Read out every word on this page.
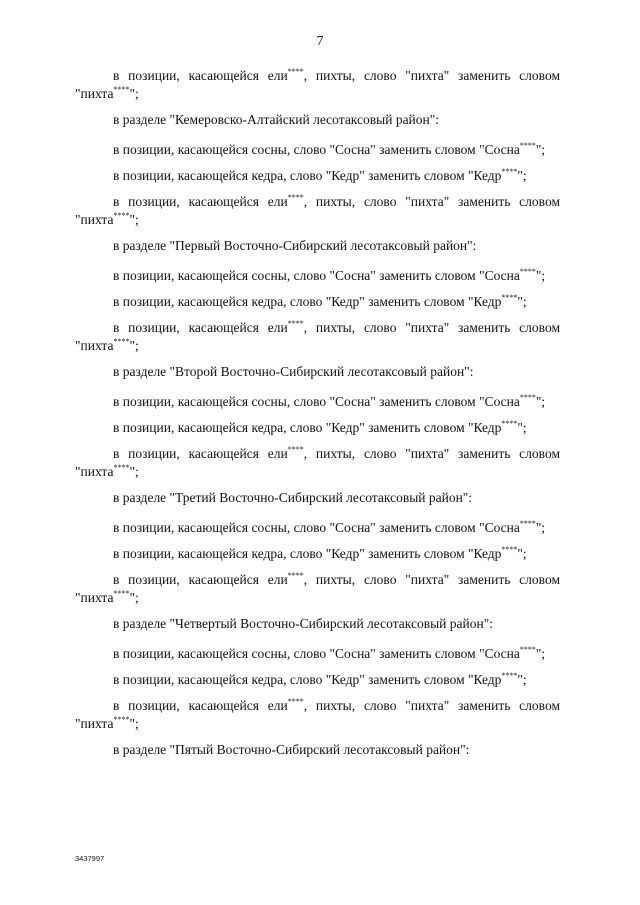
7

в позиции, касающейся ели****, пихты, слово "пихта" заменить словом "пихта****";

в разделе "Кемеровско-Алтайский лесотаксовый район":

в позиции, касающейся сосны, слово "Сосна" заменить словом "Сосна****";

в позиции, касающейся кедра, слово "Кедр" заменить словом "Кедр****";

в позиции, касающейся ели****, пихты, слово "пихта" заменить словом "пихта****";

в разделе "Первый Восточно-Сибирский лесотаксовый район":

в позиции, касающейся сосны, слово "Сосна" заменить словом "Сосна****";

в позиции, касающейся кедра, слово "Кедр" заменить словом "Кедр****";

в позиции, касающейся ели****, пихты, слово "пихта" заменить словом "пихта****";

в разделе "Второй Восточно-Сибирский лесотаксовый район":

в позиции, касающейся сосны, слово "Сосна" заменить словом "Сосна****";

в позиции, касающейся кедра, слово "Кедр" заменить словом "Кедр****";

в позиции, касающейся ели****, пихты, слово "пихта" заменить словом "пихта****";

в разделе "Третий Восточно-Сибирский лесотаксовый район":

в позиции, касающейся сосны, слово "Сосна" заменить словом "Сосна****";

в позиции, касающейся кедра, слово "Кедр" заменить словом "Кедр****";

в позиции, касающейся ели****, пихты, слово "пихта" заменить словом "пихта****";

в разделе "Четвертый Восточно-Сибирский лесотаксовый район":

в позиции, касающейся сосны, слово "Сосна" заменить словом "Сосна****";

в позиции, касающейся кедра, слово "Кедр" заменить словом "Кедр****";

в позиции, касающейся ели****, пихты, слово "пихта" заменить словом "пихта****";

в разделе "Пятый Восточно-Сибирский лесотаксовый район":

3437997
